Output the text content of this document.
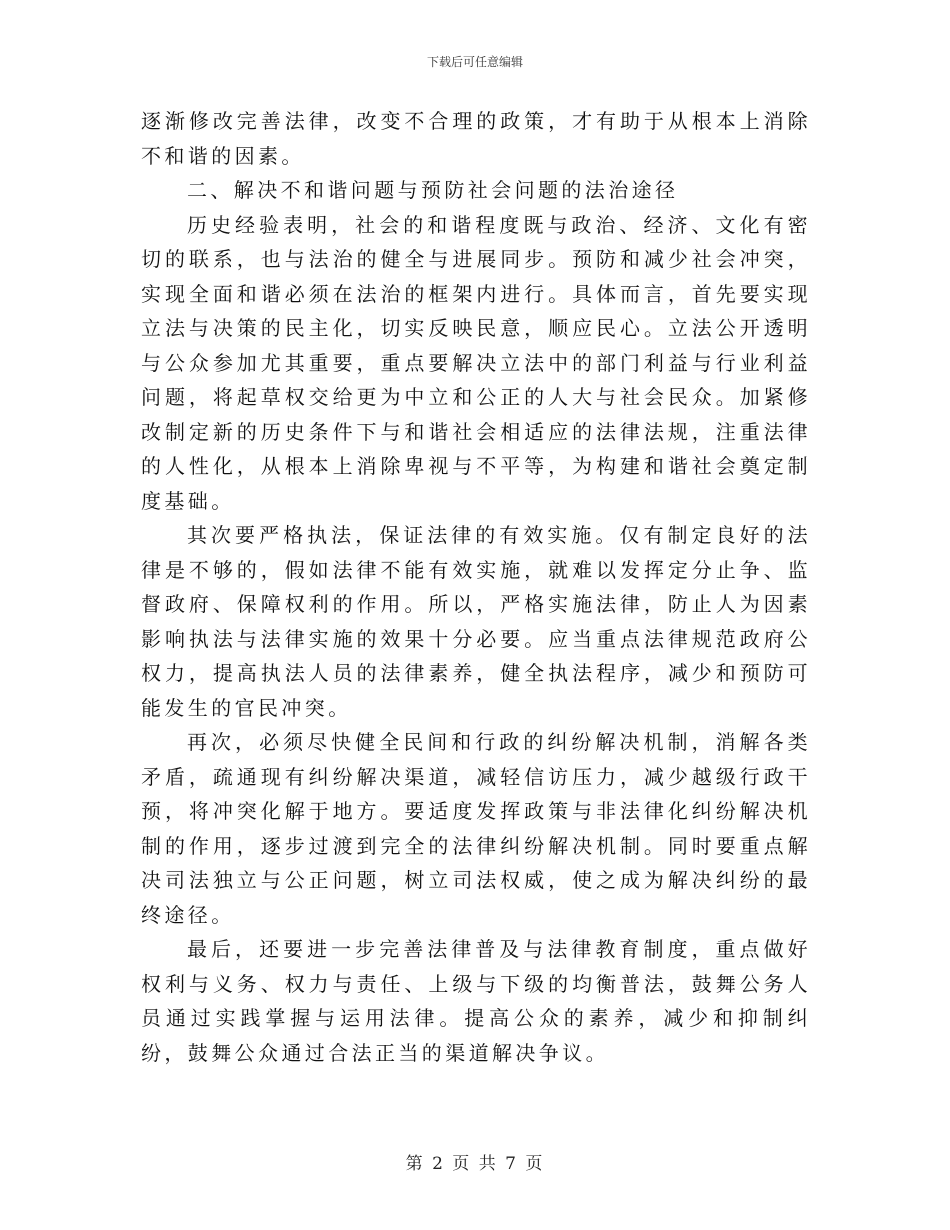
下载后可任意编辑

逐渐修改完善法律，改变不合理的政策，才有助于从根本上消除不和谐的因素。

二、解决不和谐问题与预防社会问题的法治途径

历史经验表明，社会的和谐程度既与政治、经济、文化有密切的联系，也与法治的健全与进展同步。预防和减少社会冲突，实现全面和谐必须在法治的框架内进行。具体而言，首先要实现立法与决策的民主化，切实反映民意，顺应民心。立法公开透明与公众参加尤其重要，重点要解决立法中的部门利益与行业利益问题，将起草权交给更为中立和公正的人大与社会民众。加紧修改制定新的历史条件下与和谐社会相适应的法律法规，注重法律的人性化，从根本上消除卑视与不平等，为构建和谐社会奠定制度基础。

其次要严格执法，保证法律的有效实施。仅有制定良好的法律是不够的，假如法律不能有效实施，就难以发挥定分止争、监督政府、保障权利的作用。所以，严格实施法律，防止人为因素影响执法与法律实施的效果十分必要。应当重点法律规范政府公权力，提高执法人员的法律素养，健全执法程序，减少和预防可能发生的官民冲突。

再次，必须尽快健全民间和行政的纠纷解决机制，消解各类矛盾，疏通现有纠纷解决渠道，减轻信访压力，减少越级行政干预，将冲突化解于地方。要适度发挥政策与非法律化纠纷解决机制的作用，逐步过渡到完全的法律纠纷解决机制。同时要重点解决司法独立与公正问题，树立司法权威，使之成为解决纠纷的最终途径。

最后，还要进一步完善法律普及与法律教育制度，重点做好权利与义务、权力与责任、上级与下级的均衡普法，鼓舞公务人员通过实践掌握与运用法律。提高公众的素养，减少和抑制纠纷，鼓舞公众通过合法正当的渠道解决争议。

第 2 页 共 7 页
